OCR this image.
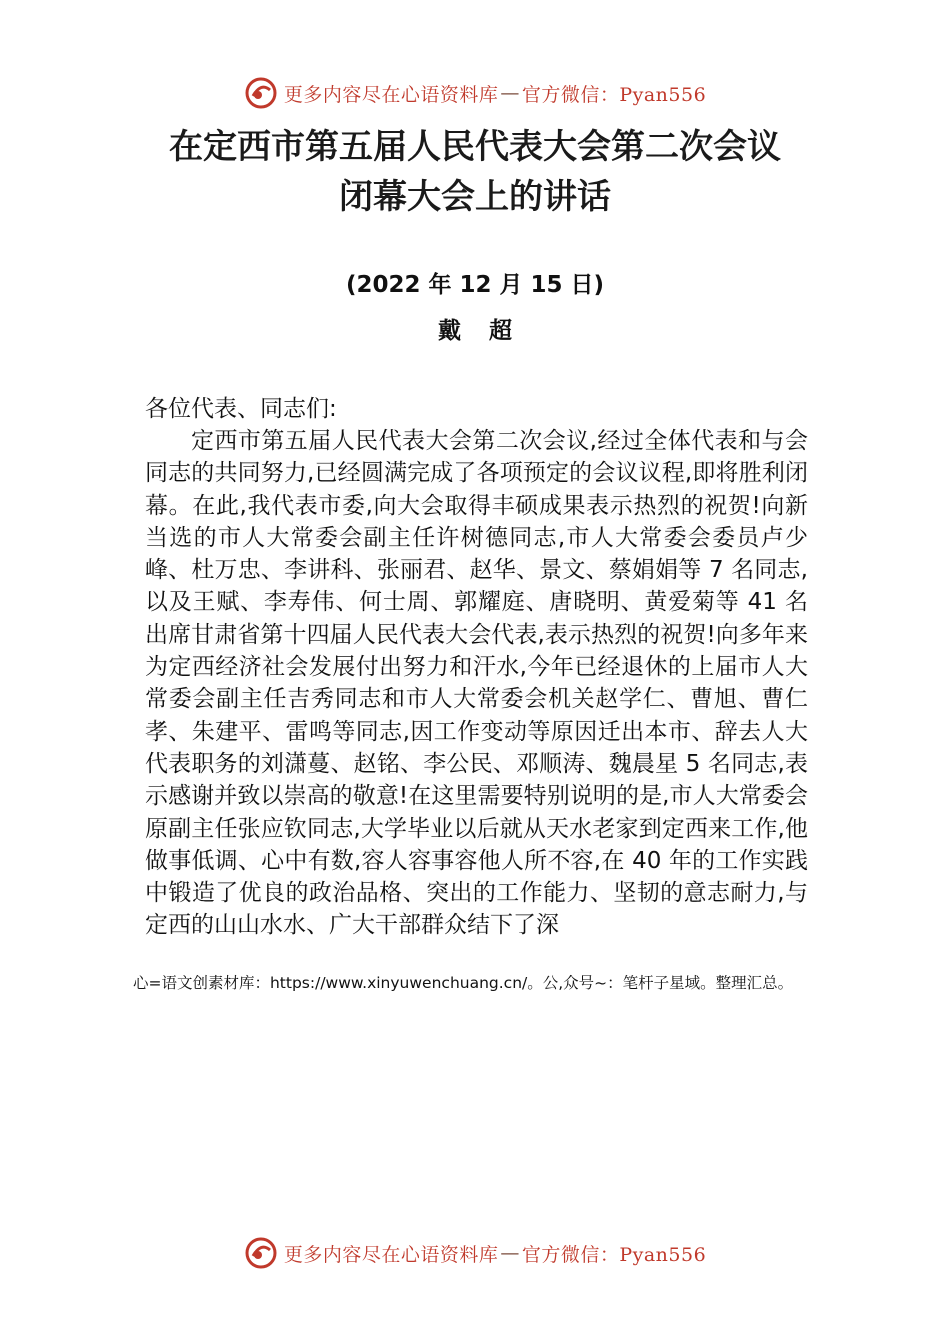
更多内容尽在心语资料库 — 官方微信：Pyan556
在定西市第五届人民代表大会第二次会议
闭幕大会上的讲话
(2022 年 12 月 15 日)
戴超
各位代表、同志们:
定西市第五届人民代表大会第二次会议,经过全体代表和与会同志的共同努力,已经圆满完成了各项预定的会议议程,即将胜利闭幕。在此,我代表市委,向大会取得丰硕成果表示热烈的祝贺!向新当选的市人大常委会副主任许树德同志,市人大常委会委员卢少峰、杜万忠、李讲科、张丽君、赵华、景文、蔡娟娟等 7 名同志,以及王赋、李寿伟、何士周、郭耀庭、唐晓明、黄爱菊等 41 名出席甘肃省第十四届人民代表大会代表,表示热烈的祝贺!向多年来为定西经济社会发展付出努力和汗水,今年已经退休的上届市人大常委会副主任吉秀同志和市人大常委会机关赵学仁、曹旭、曹仁孝、朱建平、雷鸣等同志,因工作变动等原因迁出本市、辞去人大代表职务的刘潇蔓、赵铭、李公民、邓顺涛、魏晨星 5 名同志,表示感谢并致以崇高的敬意!在这里需要特别说明的是,市人大常委会原副主任张应钦同志,大学毕业以后就从天水老家到定西来工作,他做事低调、心中有数,容人容事容他人所不容,在 40 年的工作实践中锻造了优良的政治品格、突出的工作能力、坚韧的意志耐力,与定西的山山水水、广大干部群众结下了深
心=语文创素材库：https://www.xinyuwenchuang.cn/。公,众号~：笔杆子星域。整理汇总。
更多内容尽在心语资料库 — 官方微信：Pyan556
